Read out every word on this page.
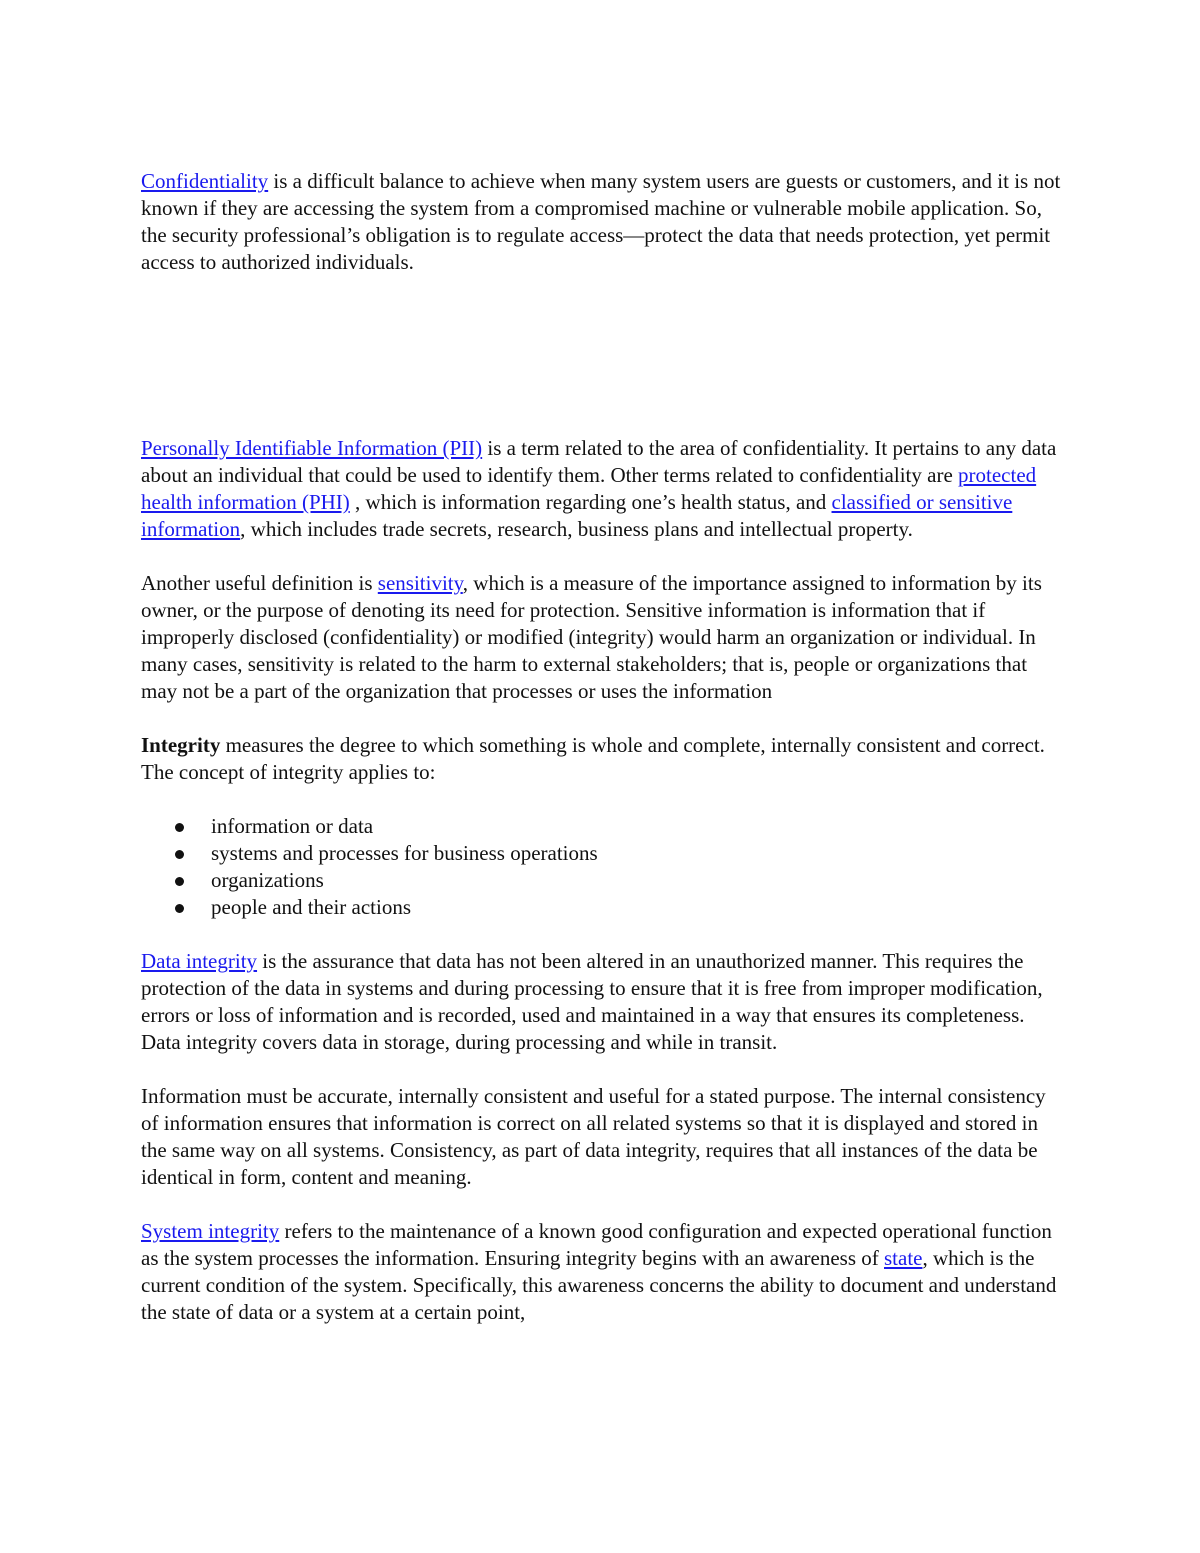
Confidentiality is a difficult balance to achieve when many system users are guests or customers, and it is not known if they are accessing the system from a compromised machine or vulnerable mobile application. So, the security professional’s obligation is to regulate access—protect the data that needs protection, yet permit access to authorized individuals.

Personally Identifiable Information (PII) is a term related to the area of confidentiality. It pertains to any data about an individual that could be used to identify them. Other terms related to confidentiality are protected health information (PHI) , which is information regarding one’s health status, and classified or sensitive information, which includes trade secrets, research, business plans and intellectual property.

Another useful definition is sensitivity, which is a measure of the importance assigned to information by its owner, or the purpose of denoting its need for protection. Sensitive information is information that if improperly disclosed (confidentiality) or modified (integrity) would harm an organization or individual. In many cases, sensitivity is related to the harm to external stakeholders; that is, people or organizations that may not be a part of the organization that processes or uses the information

Integrity measures the degree to which something is whole and complete, internally consistent and correct. The concept of integrity applies to:

information or data
systems and processes for business operations
organizations
people and their actions

Data integrity is the assurance that data has not been altered in an unauthorized manner. This requires the protection of the data in systems and during processing to ensure that it is free from improper modification, errors or loss of information and is recorded, used and maintained in a way that ensures its completeness. Data integrity covers data in storage, during processing and while in transit.

Information must be accurate, internally consistent and useful for a stated purpose. The internal consistency of information ensures that information is correct on all related systems so that it is displayed and stored in the same way on all systems. Consistency, as part of data integrity, requires that all instances of the data be identical in form, content and meaning.

System integrity refers to the maintenance of a known good configuration and expected operational function as the system processes the information. Ensuring integrity begins with an awareness of state, which is the current condition of the system. Specifically, this awareness concerns the ability to document and understand the state of data or a system at a certain point,
